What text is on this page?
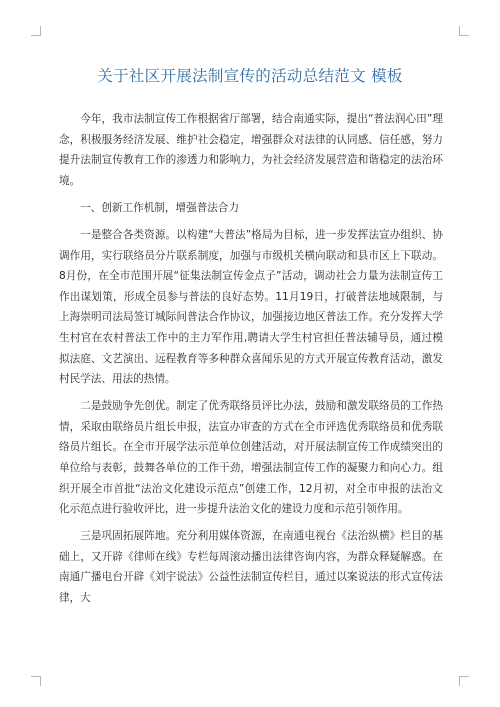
关于社区开展法制宣传的活动总结范文 模板

今年，我市法制宣传工作根据省厅部署，结合南通实际，提出“普法润心田”理念，积极服务经济发展、维护社会稳定，增强群众对法律的认同感、信任感，努力提升法制宣传教育工作的渗透力和影响力，为社会经济发展营造和谐稳定的法治环境。

一、创新工作机制，增强普法合力

一是整合各类资源。以构建“大普法”格局为目标，进一步发挥法宣办组织、协调作用，实行联络员分片联系制度，加强与市级机关横向联动和县市区上下联动。8月份，在全市范围开展“征集法制宣传金点子”活动，调动社会力量为法制宣传工作出谋划策，形成全员参与普法的良好态势。11月19日，打破普法地域限制，与上海崇明司法局签订城际间普法合作协议，加强接边地区普法工作。充分发挥大学生村官在农村普法工作中的主力军作用,聘请大学生村官担任普法辅导员，通过模拟法庭、文艺演出、远程教育等多种群众喜闻乐见的方式开展宣传教育活动，激发村民学法、用法的热情。

二是鼓励争先创优。制定了优秀联络员评比办法，鼓励和激发联络员的工作热情，采取由联络员片组长申报，法宣办审查的方式在全市评选优秀联络员和优秀联络员片组长。在全市开展学法示范单位创建活动，对开展法制宣传工作成绩突出的单位给与表彰，鼓舞各单位的工作干劲，增强法制宣传工作的凝聚力和向心力。组织开展全市首批“法治文化建设示范点”创建工作，12月初，对全市申报的法治文化示范点进行验收评比，进一步提升法治文化的建设力度和示范引领作用。

三是巩固拓展阵地。充分利用媒体资源，在南通电视台《法治纵横》栏目的基础上，又开辟《律师在线》专栏每周滚动播出法律咨询内容，为群众释疑解惑。在南通广播电台开辟《刘宇说法》公益性法制宣传栏目，通过以案说法的形式宣传法律，大
